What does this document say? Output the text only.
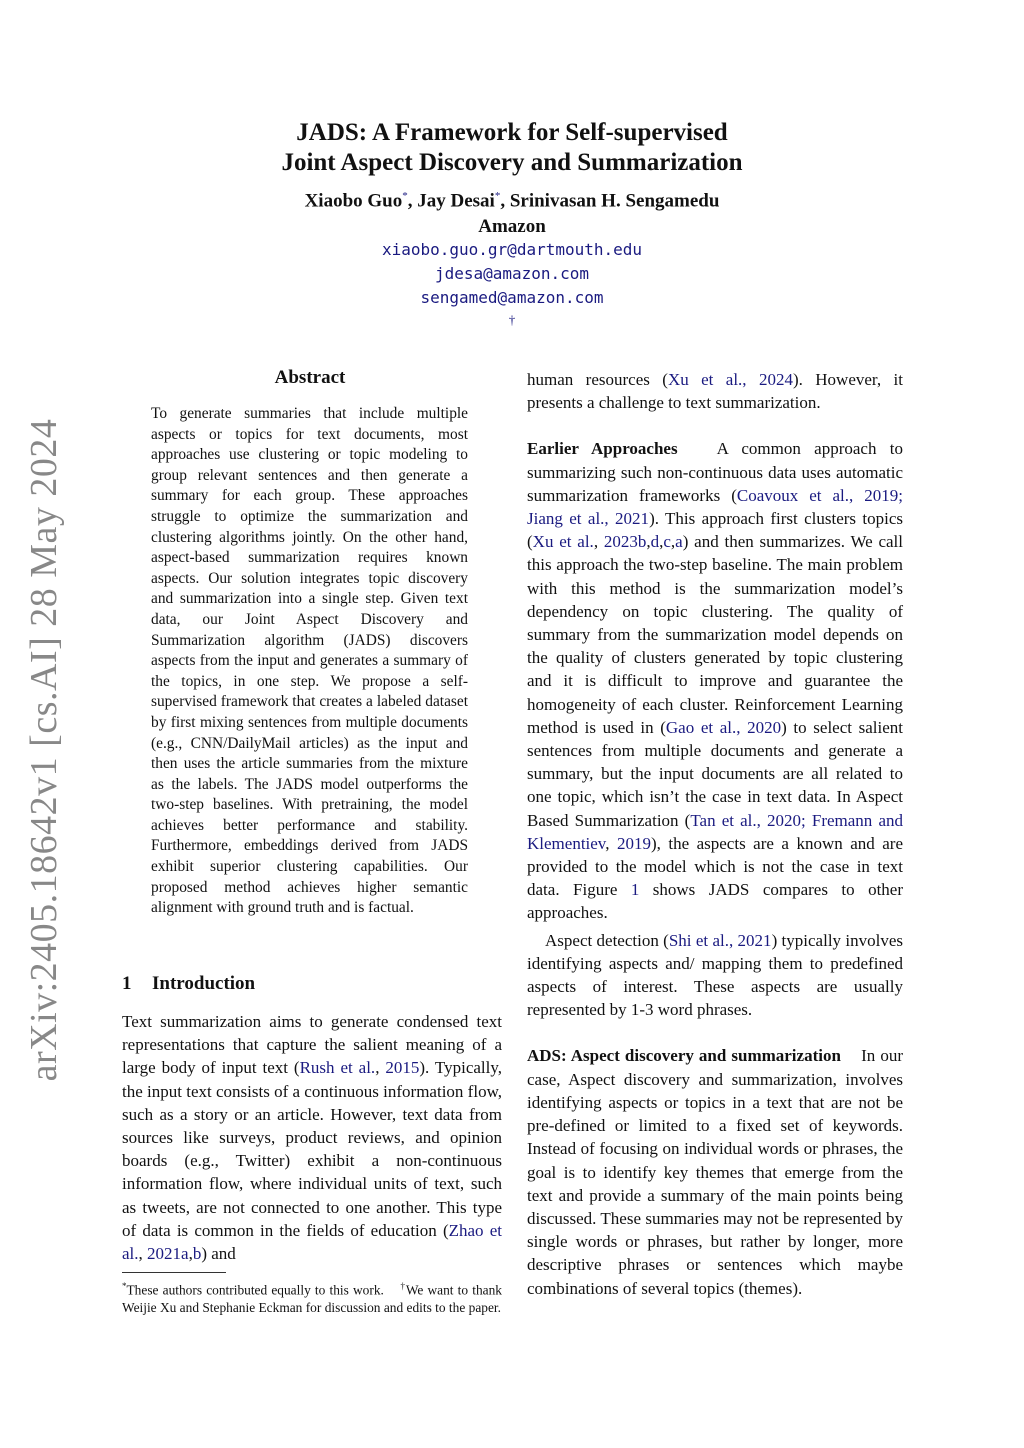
arXiv:2405.18642v1 [cs.AI] 28 May 2024
JADS: A Framework for Self-supervised
Joint Aspect Discovery and Summarization
Xiaobo Guo*, Jay Desai*, Srinivasan H. Sengamedu
Amazon
xiaobo.guo.gr@dartmouth.edu
jdesa@amazon.com
sengamed@amazon.com
†
Abstract
To generate summaries that include multiple aspects or topics for text documents, most approaches use clustering or topic modeling to group relevant sentences and then generate a summary for each group. These approaches struggle to optimize the summarization and clustering algorithms jointly. On the other hand, aspect-based summarization requires known aspects. Our solution integrates topic discovery and summarization into a single step. Given text data, our Joint Aspect Discovery and Summarization algorithm (JADS) discovers aspects from the input and generates a summary of the topics, in one step. We propose a self-supervised framework that creates a labeled dataset by first mixing sentences from multiple documents (e.g., CNN/DailyMail articles) as the input and then uses the article summaries from the mixture as the labels. The JADS model outperforms the two-step baselines. With pretraining, the model achieves better performance and stability. Furthermore, embeddings derived from JADS exhibit superior clustering capabilities. Our proposed method achieves higher semantic alignment with ground truth and is factual.
1 Introduction
Text summarization aims to generate condensed text representations that capture the salient meaning of a large body of input text (Rush et al., 2015). Typically, the input text consists of a continuous information flow, such as a story or an article. However, text data from sources like surveys, product reviews, and opinion boards (e.g., Twitter) exhibit a non-continuous information flow, where individual units of text, such as tweets, are not connected to one another. This type of data is common in the fields of education (Zhao et al., 2021a,b) and
*These authors contributed equally to this work. †We want to thank Weijie Xu and Stephanie Eckman for discussion and edits to the paper.

human resources (Xu et al., 2024). However, it presents a challenge to text summarization.

Earlier Approaches A common approach to summarizing such non-continuous data uses automatic summarization frameworks (Coavoux et al., 2019; Jiang et al., 2021). This approach first clusters topics (Xu et al., 2023b,d,c,a) and then summarizes. We call this approach the two-step baseline. The main problem with this method is the summarization model’s dependency on topic clustering. The quality of summary from the summarization model depends on the quality of clusters generated by topic clustering and it is difficult to improve and guarantee the homogeneity of each cluster. Reinforcement Learning method is used in (Gao et al., 2020) to select salient sentences from multiple documents and generate a summary, but the input documents are all related to one topic, which isn’t the case in text data. In Aspect Based Summarization (Tan et al., 2020; Fremann and Klementiev, 2019), the aspects are a known and are provided to the model which is not the case in text data. Figure 1 shows JADS compares to other approaches.

Aspect detection (Shi et al., 2021) typically involves identifying aspects and/ mapping them to predefined aspects of interest. These aspects are usually represented by 1-3 word phrases.

ADS: Aspect discovery and summarization In our case, Aspect discovery and summarization, involves identifying aspects or topics in a text that are not be pre-defined or limited to a fixed set of keywords. Instead of focusing on individual words or phrases, the goal is to identify key themes that emerge from the text and provide a summary of the main points being discussed. These summaries may not be represented by single words or phrases, but rather by longer, more descriptive phrases or sentences which maybe combinations of several topics (themes).
